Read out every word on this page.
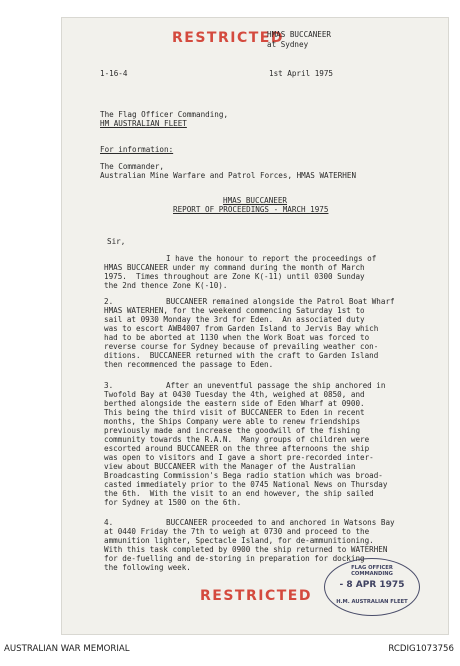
RESTRICTED
HMAS BUCCANEER
at Sydney
1-16-4	1st April 1975
The Flag Officer Commanding,
HM AUSTRALIAN FLEET
For information:
The Commander,
Australian Mine Warfare and Patrol Forces, HMAS WATERHEN
HMAS BUCCANEER
REPORT OF PROCEEDINGS - MARCH 1975
Sir,
I have the honour to report the proceedings of
HMAS BUCCANEER under my command during the month of March
1975.  Times throughout are Zone K(-11) until 0300 Sunday
the 2nd thence Zone K(-10).
2.	BUCCANEER remained alongside the Patrol Boat Wharf
HMAS WATERHEN, for the weekend commencing Saturday 1st to
sail at 0930 Monday the 3rd for Eden.  An associated duty
was to escort AWB4007 from Garden Island to Jervis Bay which
had to be aborted at 1130 when the Work Boat was forced to
reverse course for Sydney because of prevailing weather con-
ditions.  BUCCANEER returned with the craft to Garden Island
then recommenced the passage to Eden.
3.	After an uneventful passage the ship anchored in
Twofold Bay at 0430 Tuesday the 4th, weighed at 0850, and
berthed alongside the eastern side of Eden Wharf at 0900.
This being the third visit of BUCCANEER to Eden in recent
months, the Ships Company were able to renew friendships
previously made and increase the goodwill of the fishing
community towards the R.A.N.  Many groups of children were
escorted around BUCCANEER on the three afternoons the ship
was open to visitors and I gave a short pre-recorded inter-
view about BUCCANEER with the Manager of the Australian
Broadcasting Commission's Bega radio station which was broad-
casted immediately prior to the 0745 National News on Thursday
the 6th.  With the visit to an end however, the ship sailed
for Sydney at 1500 on the 6th.
4.	BUCCANEER proceeded to and anchored in Watsons Bay
at 0440 Friday the 7th to weigh at 0730 and proceed to the
ammunition lighter, Spectacle Island, for de-ammunitioning.
With this task completed by 0900 the ship returned to WATERHEN
for de-fuelling and de-storing in preparation for docking
the following week.	FLAG OFFICER COMMANDING
- 8 APR 1975
H.M. AUSTRALIAN FLEET
RESTRICTED
AUSTRALIAN WAR MEMORIAL	RCDIG1073756
